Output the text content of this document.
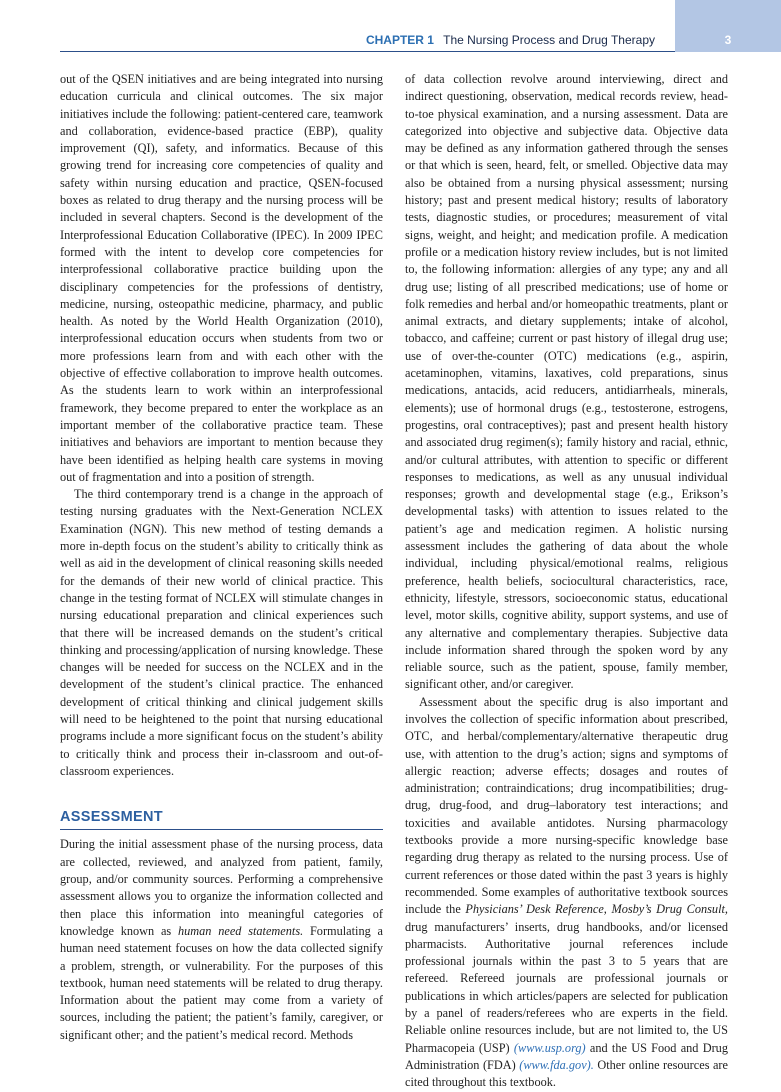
3
CHAPTER 1 The Nursing Process and Drug Therapy

out of the QSEN initiatives and are being integrated into nursing education curricula and clinical outcomes. The six major initiatives include the following: patient-centered care, teamwork and collaboration, evidence-based practice (EBP), quality improvement (QI), safety, and informatics. Because of this growing trend for increasing core competencies of quality and safety within nursing education and practice, QSEN-focused boxes as related to drug therapy and the nursing process will be included in several chapters. Second is the development of the Interprofessional Education Collaborative (IPEC). In 2009 IPEC formed with the intent to develop core competencies for interprofessional collaborative practice building upon the disciplinary competencies for the professions of dentistry, medicine, nursing, osteopathic medicine, pharmacy, and public health. As noted by the World Health Organization (2010), interprofessional education occurs when students from two or more professions learn from and with each other with the objective of effective collaboration to improve health outcomes. As the students learn to work within an interprofessional framework, they become prepared to enter the workplace as an important member of the collaborative practice team. These initiatives and behaviors are important to mention because they have been identified as helping health care systems in moving out of fragmentation and into a position of strength.

The third contemporary trend is a change in the approach of testing nursing graduates with the Next-Generation NCLEX Examination (NGN). This new method of testing demands a more in-depth focus on the student’s ability to critically think as well as aid in the development of clinical reasoning skills needed for the demands of their new world of clinical practice. This change in the testing format of NCLEX will stimulate changes in nursing educational preparation and clinical experiences such that there will be increased demands on the student’s critical thinking and processing/application of nursing knowledge. These changes will be needed for success on the NCLEX and in the development of the student’s clinical practice. The enhanced development of critical thinking and clinical judgement skills will need to be heightened to the point that nursing educational programs include a more significant focus on the student’s ability to critically think and process their in-classroom and out-of-classroom experiences.

ASSESSMENT

During the initial assessment phase of the nursing process, data are collected, reviewed, and analyzed from patient, family, group, and/or community sources. Performing a comprehensive assessment allows you to organize the information collected and then place this information into meaningful categories of knowledge known as human need statements. Formulating a human need statement focuses on how the data collected signify a problem, strength, or vulnerability. For the purposes of this textbook, human need statements will be related to drug therapy. Information about the patient may come from a variety of sources, including the patient; the patient’s family, caregiver, or significant other; and the patient’s medical record. Methods

of data collection revolve around interviewing, direct and indirect questioning, observation, medical records review, head-to-toe physical examination, and a nursing assessment. Data are categorized into objective and subjective data. Objective data may be defined as any information gathered through the senses or that which is seen, heard, felt, or smelled. Objective data may also be obtained from a nursing physical assessment; nursing history; past and present medical history; results of laboratory tests, diagnostic studies, or procedures; measurement of vital signs, weight, and height; and medication profile. A medication profile or a medication history review includes, but is not limited to, the following information: allergies of any type; any and all drug use; listing of all prescribed medications; use of home or folk remedies and herbal and/or homeopathic treatments, plant or animal extracts, and dietary supplements; intake of alcohol, tobacco, and caffeine; current or past history of illegal drug use; use of over-the-counter (OTC) medications (e.g., aspirin, acetaminophen, vitamins, laxatives, cold preparations, sinus medications, antacids, acid reducers, antidiarrheals, minerals, elements); use of hormonal drugs (e.g., testosterone, estrogens, progestins, oral contraceptives); past and present health history and associated drug regimen(s); family history and racial, ethnic, and/or cultural attributes, with attention to specific or different responses to medications, as well as any unusual individual responses; growth and developmental stage (e.g., Erikson’s developmental tasks) with attention to issues related to the patient’s age and medication regimen. A holistic nursing assessment includes the gathering of data about the whole individual, including physical/emotional realms, religious preference, health beliefs, sociocultural characteristics, race, ethnicity, lifestyle, stressors, socioeconomic status, educational level, motor skills, cognitive ability, support systems, and use of any alternative and complementary therapies. Subjective data include information shared through the spoken word by any reliable source, such as the patient, spouse, family member, significant other, and/or caregiver.

Assessment about the specific drug is also important and involves the collection of specific information about prescribed, OTC, and herbal/complementary/alternative therapeutic drug use, with attention to the drug’s action; signs and symptoms of allergic reaction; adverse effects; dosages and routes of administration; contraindications; drug incompatibilities; drug-drug, drug-food, and drug–laboratory test interactions; and toxicities and available antidotes. Nursing pharmacology textbooks provide a more nursing-specific knowledge base regarding drug therapy as related to the nursing process. Use of current references or those dated within the past 3 years is highly recommended. Some examples of authoritative textbook sources include the Physicians’ Desk Reference, Mosby’s Drug Consult, drug manufacturers’ inserts, drug handbooks, and/or licensed pharmacists. Authoritative journal references include professional journals within the past 3 to 5 years that are refereed. Refereed journals are professional journals or publications in which articles/papers are selected for publication by a panel of readers/referees who are experts in the field. Reliable online resources include, but are not limited to, the US Pharmacopeia (USP) (www.usp.org) and the US Food and Drug Administration (FDA) (www.fda.gov). Other online resources are cited throughout this textbook.
